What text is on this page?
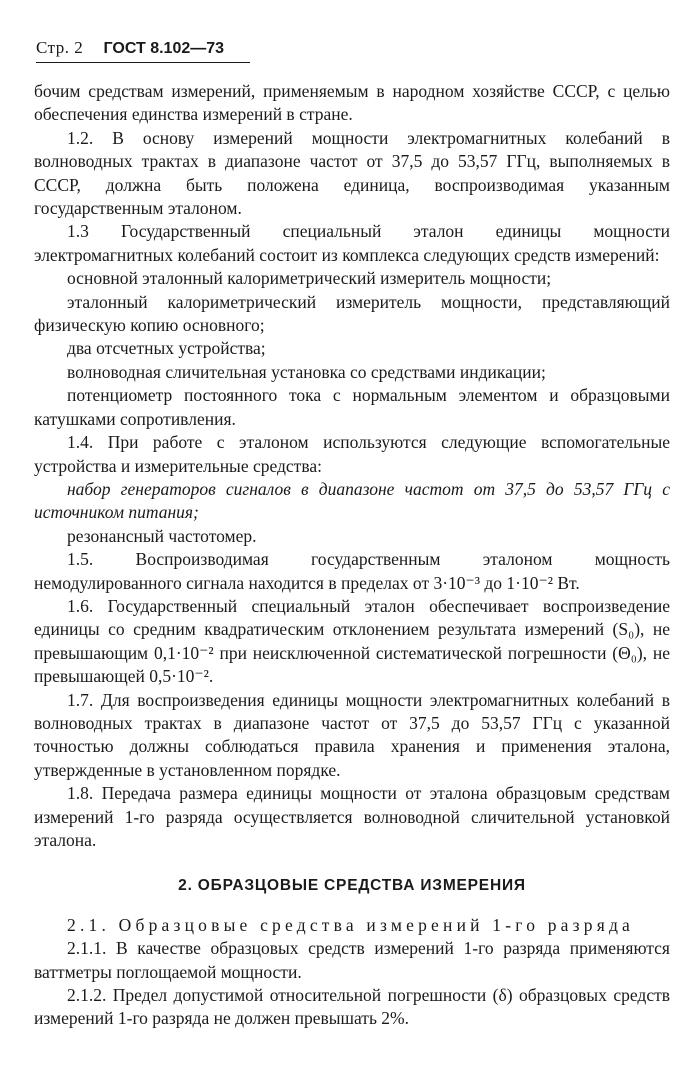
Стр. 2 ГОСТ 8.102—73

бочим средствам измерений, применяемым в народном хозяйстве СССР, с целью обеспечения единства измерений в стране.

1.2. В основу измерений мощности электромагнитных колебаний в волноводных трактах в диапазоне частот от 37,5 до 53,57 ГГц, выполняемых в СССР, должна быть положена единица, воспроизводимая указанным государственным эталоном.

1.3 Государственный специальный эталон единицы мощности электромагнитных колебаний состоит из комплекса следующих средств измерений:

основной эталонный калориметрический измеритель мощности;

эталонный калориметрический измеритель мощности, представляющий физическую копию основного;

два отсчетных устройства;

волноводная сличительная установка со средствами индикации;

потенциометр постоянного тока с нормальным элементом и образцовыми катушками сопротивления.

1.4. При работе с эталоном используются следующие вспомогательные устройства и измерительные средства:

набор генераторов сигналов в диапазоне частот от 37,5 до 53,57 ГГц с источником питания;

резонансный частотомер.

1.5. Воспроизводимая государственным эталоном мощность немодулированного сигнала находится в пределах от 3·10⁻³ до 1·10⁻² Вт.

1.6. Государственный специальный эталон обеспечивает воспроизведение единицы со средним квадратическим отклонением результата измерений (S₀), не превышающим 0,1·10⁻² при неисключенной систематической погрешности (Θ₀), не превышающей 0,5·10⁻².

1.7. Для воспроизведения единицы мощности электромагнитных колебаний в волноводных трактах в диапазоне частот от 37,5 до 53,57 ГГц с указанной точностью должны соблюдаться правила хранения и применения эталона, утвержденные в установленном порядке.

1.8. Передача размера единицы мощности от эталона образцовым средствам измерений 1-го разряда осуществляется волноводной сличительной установкой эталона.

2. ОБРАЗЦОВЫЕ СРЕДСТВА ИЗМЕРЕНИЯ

2.1. Образцовые средства измерений 1-го разряда

2.1.1. В качестве образцовых средств измерений 1-го разряда применяются ваттметры поглощаемой мощности.

2.1.2. Предел допустимой относительной погрешности (δ) образцовых средств измерений 1-го разряда не должен превышать 2%.
